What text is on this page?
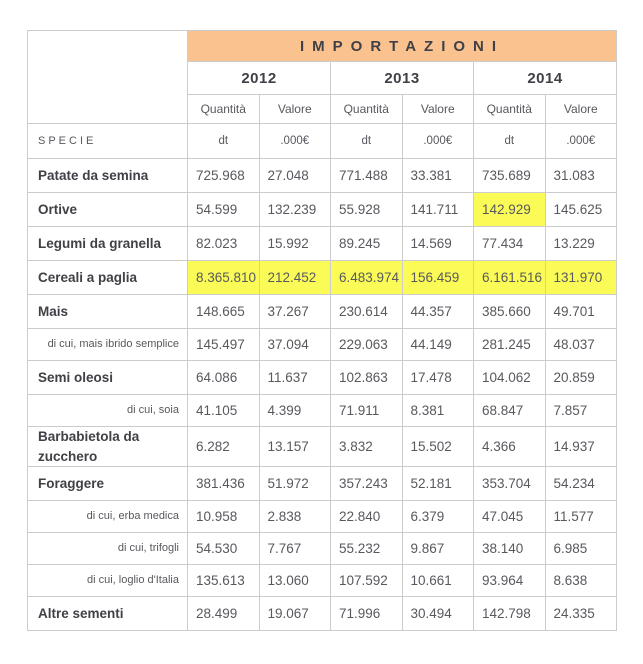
	IMPORTAZIONI					
	2012		2013		2014	
	Quantità	Valore	Quantità	Valore	Quantità	Valore
SPECIE	dt	.000€	dt	.000€	dt	.000€
Patate da semina	725.968	27.048	771.488	33.381	735.689	31.083
Ortive	54.599	132.239	55.928	141.711	142.929	145.625
Legumi da granella	82.023	15.992	89.245	14.569	77.434	13.229
Cereali a paglia	8.365.810	212.452	6.483.974	156.459	6.161.516	131.970
Mais	148.665	37.267	230.614	44.357	385.660	49.701
di cui, mais ibrido semplice	145.497	37.094	229.063	44.149	281.245	48.037
Semi oleosi	64.086	11.637	102.863	17.478	104.062	20.859
di cui, soia	41.105	4.399	71.911	8.381	68.847	7.857
Barbabietola da zucchero	6.282	13.157	3.832	15.502	4.366	14.937
Foraggere	381.436	51.972	357.243	52.181	353.704	54.234
di cui, erba medica	10.958	2.838	22.840	6.379	47.045	11.577
di cui, trifogli	54.530	7.767	55.232	9.867	38.140	6.985
di cui, loglio d'Italia	135.613	13.060	107.592	10.661	93.964	8.638
Altre sementi	28.499	19.067	71.996	30.494	142.798	24.335
